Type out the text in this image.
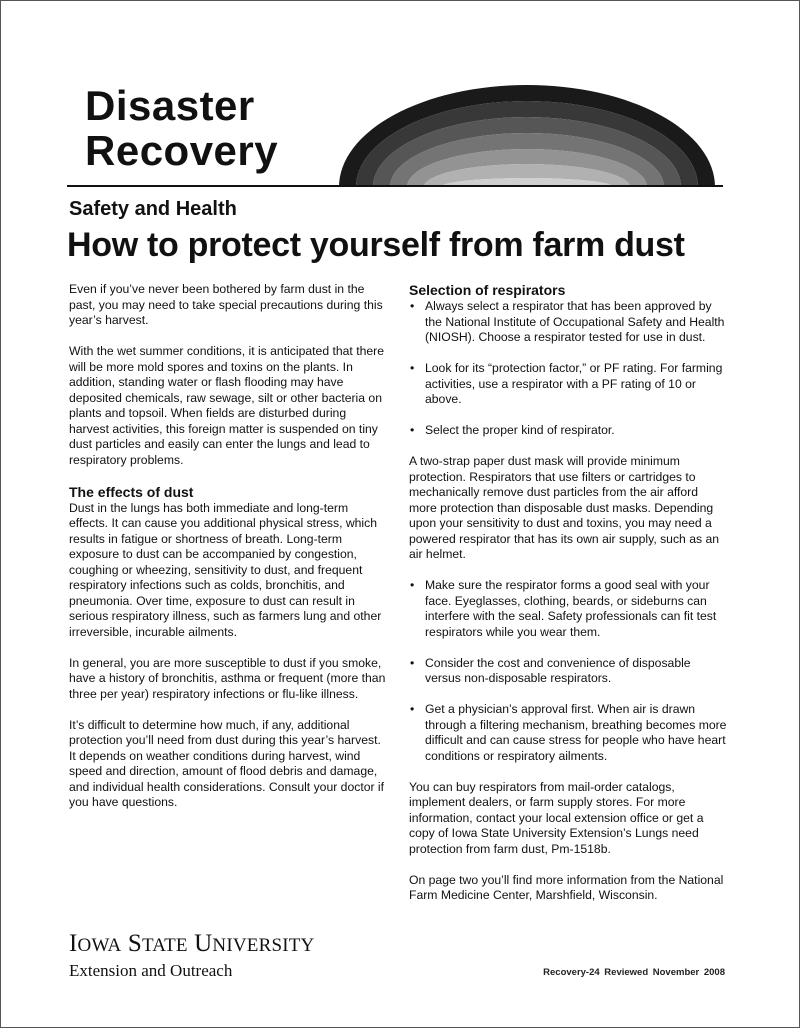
Disaster
Recovery
Safety and Health
How to protect yourself from farm dust

Even if you’ve never been bothered by farm dust in the past, you may need to take special precautions during this year’s harvest.

With the wet summer conditions, it is anticipated that there will be more mold spores and toxins on the plants. In addition, standing water or flash flooding may have deposited chemicals, raw sewage, silt or other bacteria on plants and topsoil. When fields are disturbed during harvest activities, this foreign matter is suspended on tiny dust particles and easily can enter the lungs and lead to respiratory problems.

The effects of dust

Dust in the lungs has both immediate and long-term effects. It can cause you additional physical stress, which results in fatigue or shortness of breath. Long-term exposure to dust can be accompanied by congestion, coughing or wheezing, sensitivity to dust, and frequent respiratory infections such as colds, bronchitis, and pneumonia. Over time, exposure to dust can result in serious respiratory illness, such as farmers lung and other irreversible, incurable ailments.

In general, you are more susceptible to dust if you smoke, have a history of bronchitis, asthma or frequent (more than three per year) respiratory infections or flu-like illness.

It’s difficult to determine how much, if any, additional protection you’ll need from dust during this year’s harvest. It depends on weather conditions during harvest, wind speed and direction, amount of flood debris and damage, and individual health considerations. Consult your doctor if you have questions.

Selection of respirators
• Always select a respirator that has been approved by the National Institute of Occupational Safety and Health (NIOSH). Choose a respirator tested for use in dust.
• Look for its “protection factor,” or PF rating. For farming activities, use a respirator with a PF rating of 10 or above.
• Select the proper kind of respirator.

A two-strap paper dust mask will provide minimum protection. Respirators that use filters or cartridges to mechanically remove dust particles from the air afford more protection than disposable dust masks. Depending upon your sensitivity to dust and toxins, you may need a powered respirator that has its own air supply, such as an air helmet.

• Make sure the respirator forms a good seal with your face. Eyeglasses, clothing, beards, or sideburns can interfere with the seal. Safety professionals can fit test respirators while you wear them.
• Consider the cost and convenience of disposable versus non-disposable respirators.
• Get a physician’s approval first. When air is drawn through a filtering mechanism, breathing becomes more difficult and can cause stress for people who have heart conditions or respiratory ailments.

You can buy respirators from mail-order catalogs, implement dealers, or farm supply stores. For more information, contact your local extension office or get a copy of Iowa State University Extension’s Lungs need protection from farm dust, Pm-1518b.

On page two you’ll find more information from the National Farm Medicine Center, Marshfield, Wisconsin.

IOWA STATE UNIVERSITY
Extension and Outreach	Recovery-24 Reviewed November 2008
